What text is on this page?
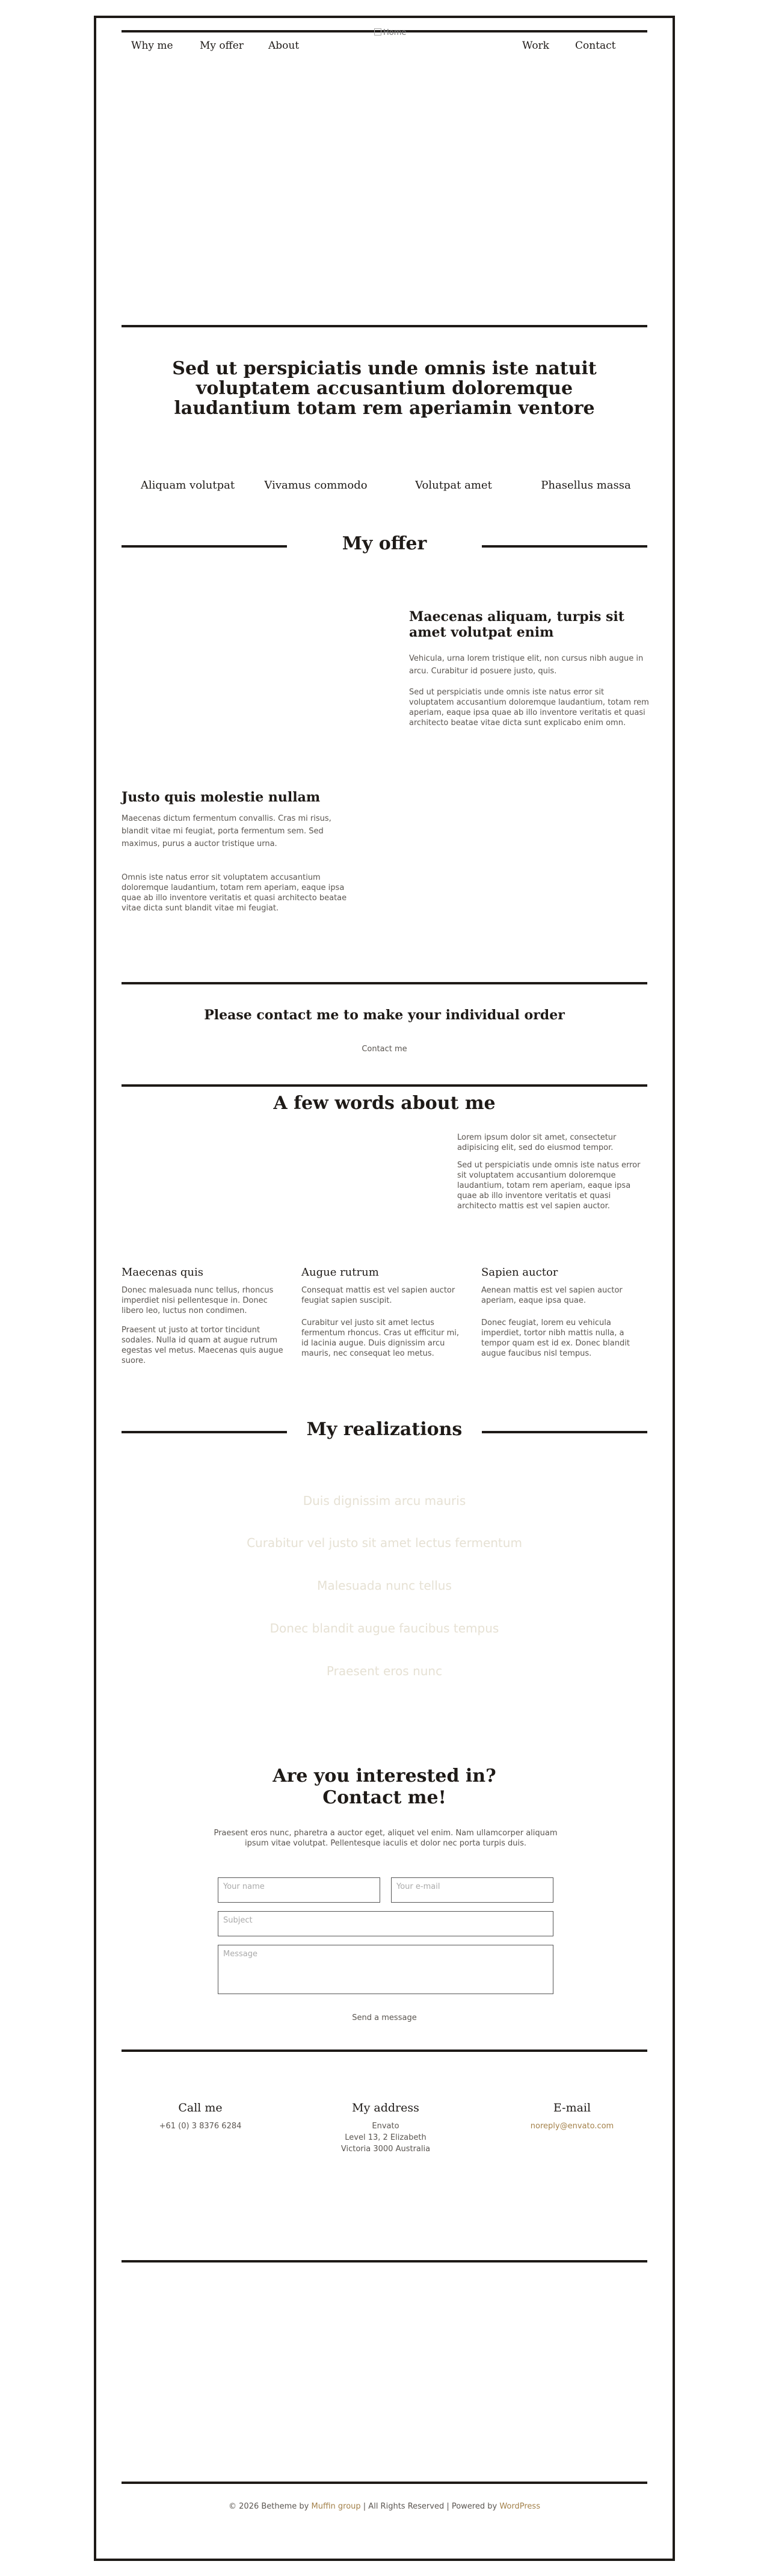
Why me	My offer About	Work	Contact
Home
Sed ut perspiciatis unde omnis iste natuit voluptatem accusantium doloremque laudantium totam rem aperiamin ventore
Aliquam volutpat	Vivamus commodo	Volutpat amet	Phasellus massa
My offer
Maecenas aliquam, turpis sit amet volutpat enim

Vehicula, urna lorem tristique elit, non cursus nibh augue in arcu. Curabitur id posuere justo, quis.

Sed ut perspiciatis unde omnis iste natus error sit voluptatem accusantium doloremque laudantium, totam rem aperiam, eaque ipsa quae ab illo inventore veritatis et quasi architecto beatae vitae dicta sunt explicabo enim omn.

Justo quis molestie nullam

Maecenas dictum fermentum convallis. Cras mi risus, blandit vitae mi feugiat, porta fermentum sem. Sed maximus, purus a auctor tristique urna.

Omnis iste natus error sit voluptatem accusantium doloremque laudantium, totam rem aperiam, eaque ipsa quae ab illo inventore veritatis et quasi architecto beatae vitae dicta sunt blandit vitae mi feugiat.

Please contact me to make your individual order
Contact me
A few words about me

Lorem ipsum dolor sit amet, consectetur adipisicing elit, sed do eiusmod tempor.

Sed ut perspiciatis unde omnis iste natus error sit voluptatem accusantium doloremque laudantium, totam rem aperiam, eaque ipsa quae ab illo inventore veritatis et quasi architecto mattis est vel sapien auctor.

Maecenas quis

Donec malesuada nunc tellus, rhoncus imperdiet nisi pellentesque in. Donec libero leo, luctus non condimen.

Praesent ut justo at tortor tincidunt sodales. Nulla id quam at augue rutrum egestas vel metus. Maecenas quis augue suore.

Augue rutrum

Consequat mattis est vel sapien auctor feugiat sapien suscipit.

Curabitur vel justo sit amet lectus fermentum rhoncus. Cras ut efficitur mi, id lacinia augue. Duis dignissim arcu mauris, nec consequat leo metus.

Sapien auctor

Aenean mattis est vel sapien auctor aperiam, eaque ipsa quae.

Donec feugiat, lorem eu vehicula imperdiet, tortor nibh mattis nulla, a tempor quam est id ex. Donec blandit augue faucibus nisl tempus.

My realizations
Duis dignissim arcu mauris
Curabitur vel justo sit amet lectus fermentum
Malesuada nunc tellus
Donec blandit augue faucibus tempus
Praesent eros nunc
Are you interested in?
Contact me!

Praesent eros nunc, pharetra a auctor eget, aliquet vel enim. Nam ullamcorper aliquam ipsum vitae volutpat. Pellentesque iaculis et dolor nec porta turpis duis.

Your name	Your e-mail
Subject
Message
Send a message
Call me
+61 (0) 3 8376 6284
My address
Envato
Level 13, 2 Elizabeth
Victoria 3000 Australia
E-mail
noreply@envato.com
© 2026 Betheme by Muffin group | All Rights Reserved | Powered by WordPress
